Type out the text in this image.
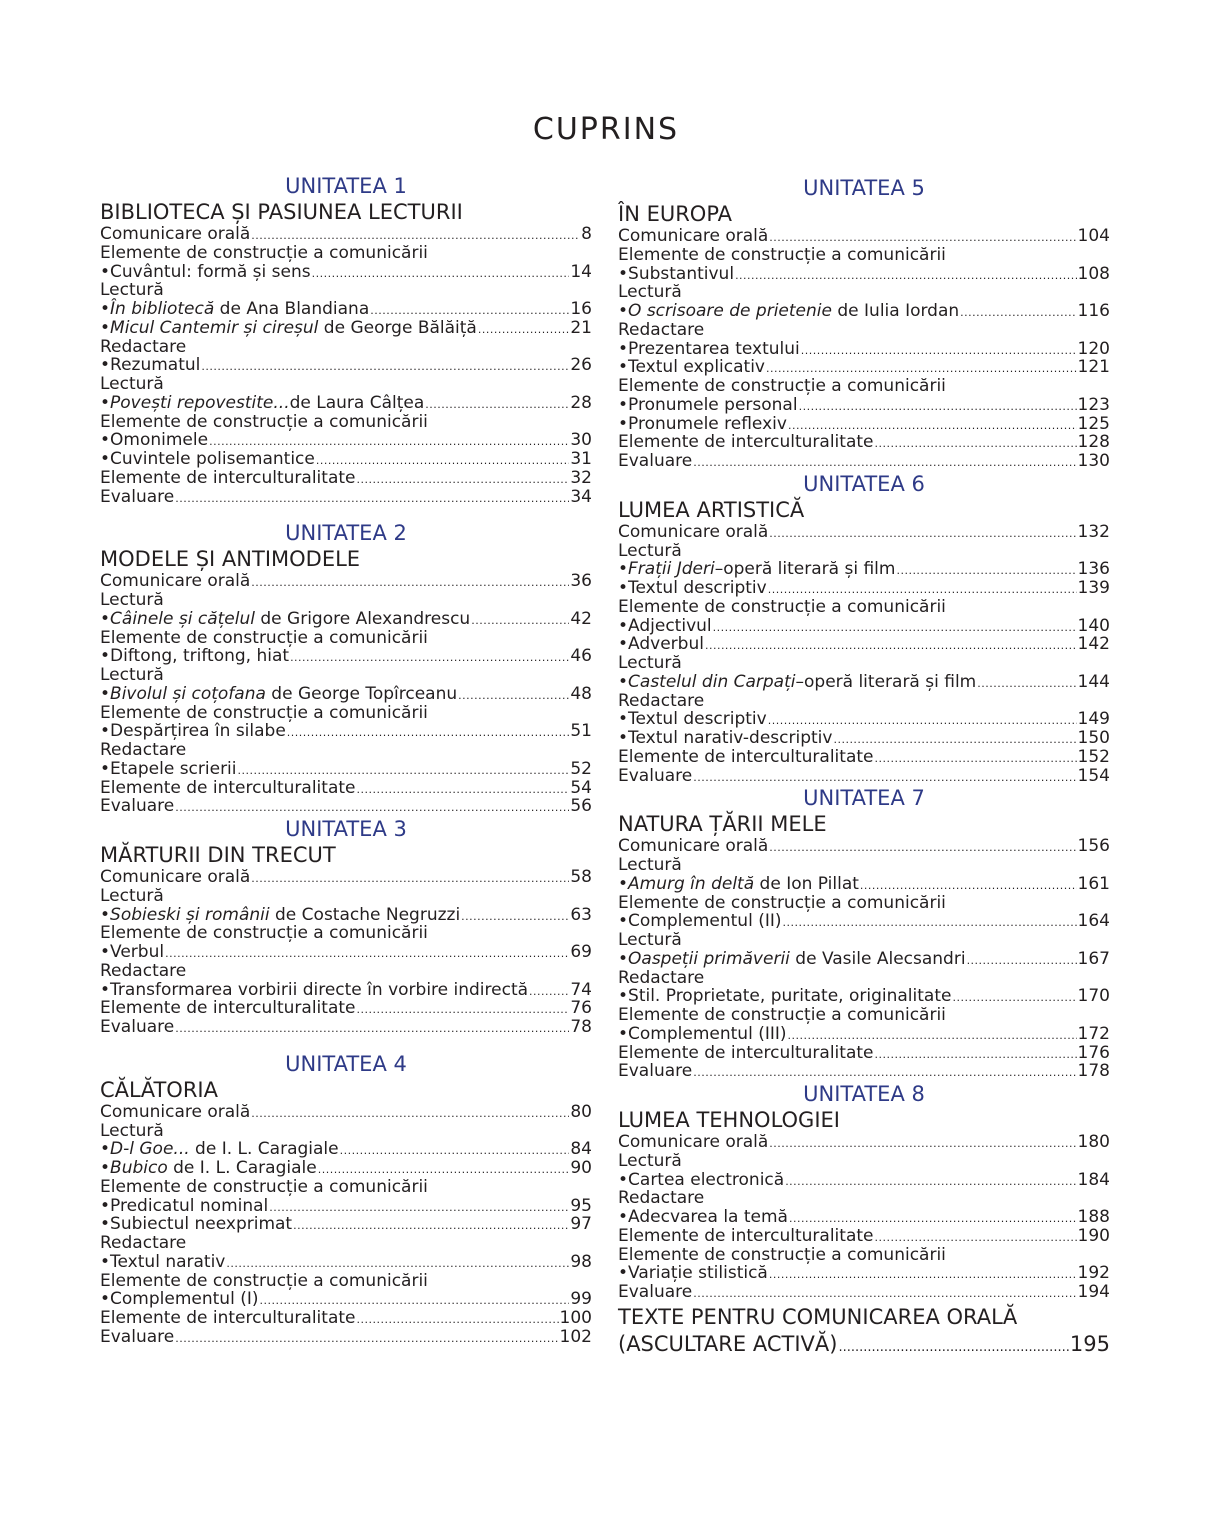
CUPRINS
UNITATEA 1
BIBLIOTECA ȘI PASIUNEA LECTURII
Comunicare orală .....	8
Elemente de construcție a comunicării
•Cuvântul: formă și sens .....	14
Lectură
•În bibliotecă de Ana Blandiana .....	16
•Micul Cantemir și cireșul de George Bălăiță .....	21
Redactare
•Rezumatul .....	26
Lectură
•Povești repovestite...de Laura Câlțea .....	28
Elemente de construcție a comunicării
•Omonimele .....	30
•Cuvintele polisemantice .....	31
Elemente de interculturalitate .....	32
Evaluare .....	34
UNITATEA 2
MODELE ȘI ANTIMODELE
Comunicare orală .....	36
Lectură
•Câinele și cățelul de Grigore Alexandrescu .....	42
Elemente de construcție a comunicării
•Diftong, triftong, hiat .....	46
Lectură
•Bivolul și coțofana de George Topîrceanu .....	48
Elemente de construcție a comunicării
•Despărțirea în silabe .....	51
Redactare
•Etapele scrierii .....	52
Elemente de interculturalitate .....	54
Evaluare .....	56
UNITATEA 3
MĂRTURII DIN TRECUT
Comunicare orală .....	58
Lectură
•Sobieski și românii de Costache Negruzzi .....	63
Elemente de construcție a comunicării
•Verbul .....	69
Redactare
•Transformarea vorbirii directe în vorbire indirectă ..... 74
Elemente de interculturalitate .....	76
Evaluare .....	78
UNITATEA 4
CĂLĂTORIA
Comunicare orală .....	80
Lectură
•D-l Goe... de I. L. Caragiale .....	84
•Bubico de I. L. Caragiale .....	90
Elemente de construcție a comunicării
•Predicatul nominal .....	95
•Subiectul neexprimat .....	97
Redactare
•Textul narativ .....	98
Elemente de construcție a comunicării
•Complementul (I) .....	99
Elemente de interculturalitate .....	100
Evaluare .....	102
UNITATEA 5
ÎN EUROPA
Comunicare orală .....	104
Elemente de construcție a comunicării
•Substantivul .....	108
Lectură
•O scrisoare de prietenie de Iulia Iordan .....	116
Redactare
•Prezentarea textului .....	120
•Textul explicativ .....	121
Elemente de construcție a comunicării
•Pronumele personal .....	123
•Pronumele reflexiv .....	125
Elemente de interculturalitate .....	128
Evaluare .....	130
UNITATEA 6
LUMEA ARTISTICĂ
Comunicare orală .....	132
Lectură
•Frații Jderi–operă literară și film .....	136
•Textul descriptiv .....	139
Elemente de construcție a comunicării
•Adjectivul .....	140
•Adverbul .....	142
Lectură
•Castelul din Carpați–operă literară și film .....	144
Redactare
•Textul descriptiv .....	149
•Textul narativ-descriptiv .....	150
Elemente de interculturalitate .....	152
Evaluare .....	154
UNITATEA 7
NATURA ȚĂRII MELE
Comunicare orală .....	156
Lectură
•Amurg în deltă de Ion Pillat .....	161
Elemente de construcție a comunicării
•Complementul (II) .....	164
Lectură
•Oaspeții primăverii de Vasile Alecsandri .....	167
Redactare
•Stil. Proprietate, puritate, originalitate .....	170
Elemente de construcție a comunicării
•Complementul (III) .....	172
Elemente de interculturalitate .....	176
Evaluare .....	178
UNITATEA 8
LUMEA TEHNOLOGIEI
Comunicare orală .....	180
Lectură
•Cartea electronică .....	184
Redactare
•Adecvarea la temă .....	188
Elemente de interculturalitate .....	190
Elemente de construcție a comunicării
•Variație stilistică .....	192
Evaluare .....	194
TEXTE PENTRU COMUNICAREA ORALĂ
(ASCULTARE ACTIVĂ) .....	195
